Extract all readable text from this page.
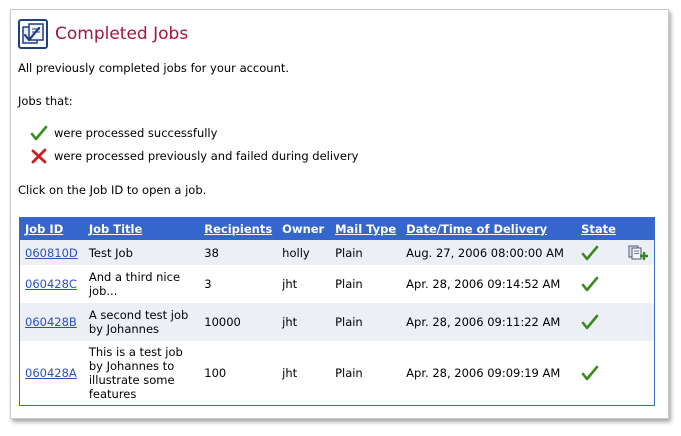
Completed Jobs
All previously completed jobs for your account.
Jobs that:
were processed successfully
were processed previously and failed during delivery
Click on the Job ID to open a job.
Job ID	Job Title	Recipients	Owner	Mail Type	Date/Time of Delivery	State	
060810D	Test Job	38	holly	Plain	Aug. 27, 2006 08:00:00 AM	

060428C	And a third nice job...	3	jht	Plain	Apr. 28, 2006 09:14:52 AM	

060428B	A second test job by Johannes	10000	jht	Plain	Apr. 28, 2006 09:11:22 AM	

060428A	This is a test job by Johannes to illustrate some features	100	jht	Plain	Apr. 28, 2006 09:09:19 AM	
